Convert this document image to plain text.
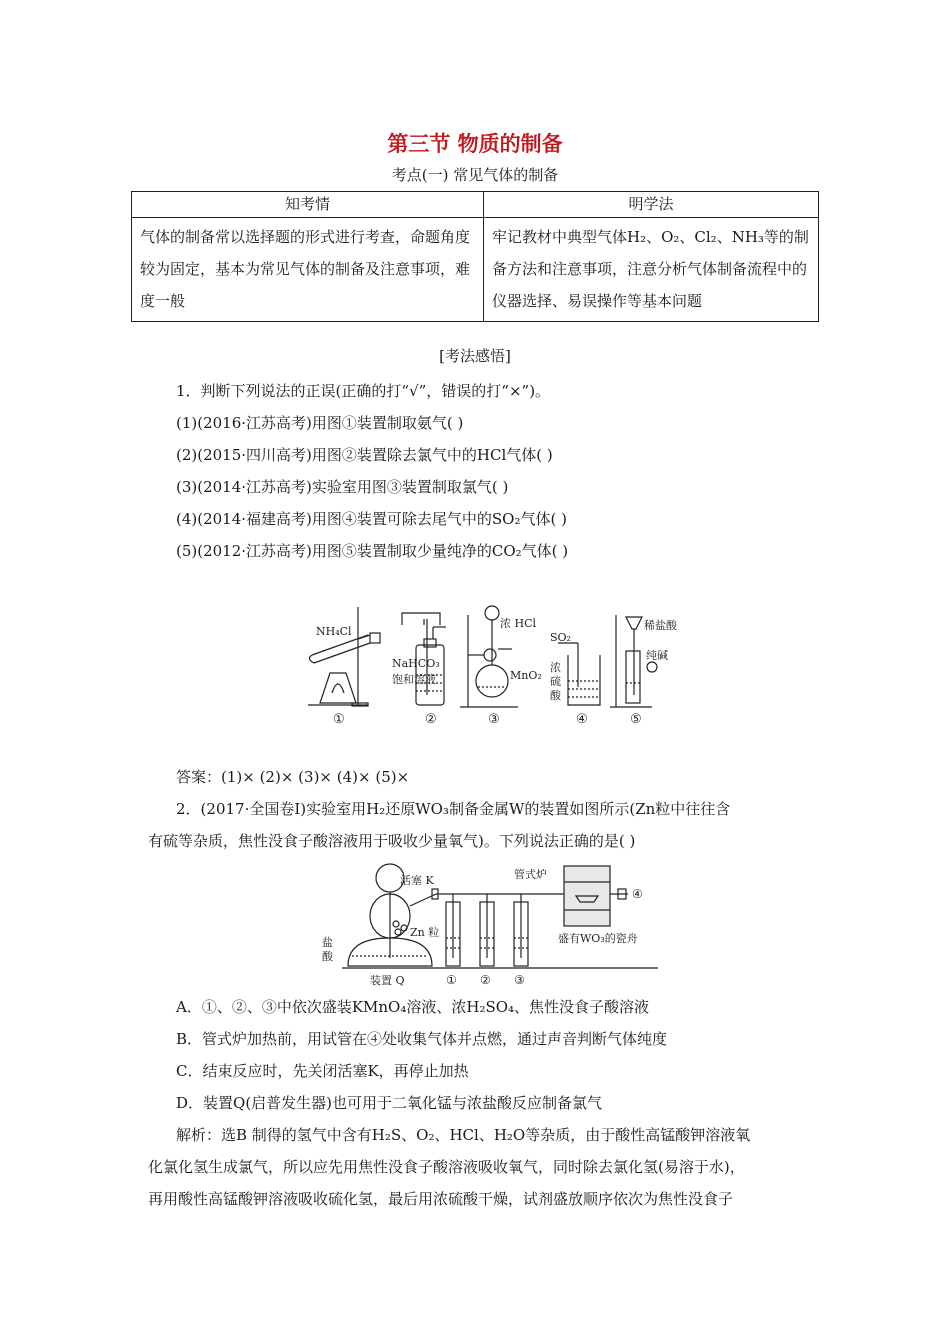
第三节 物质的制备
考点(一) 常见气体的制备
知考情	明学法
气体的制备常以选择题的形式进行考查，命题角度较为固定，基本为常见气体的制备及注意事项，难度一般	牢记教材中典型气体H₂、O₂、Cl₂、NH₃等的制备方法和注意事项，注意分析气体制备流程中的仪器选择、易误操作等基本问题
[考法感悟]
1．判断下列说法的正误(正确的打“√”，错误的打“×”)。
(1)(2016·江苏高考)用图①装置制取氨气( )
(2)(2015·四川高考)用图②装置除去氯气中的HCl气体( )
(3)(2014·江苏高考)实验室用图③装置制取氯气( )
(4)(2014·福建高考)用图④装置可除去尾气中的SO₂气体( )
(5)(2012·江苏高考)用图⑤装置制取少量纯净的CO₂气体( )
NH₄Cl
①
NaHCO₃
饱和溶液
②
浓 HCl
MnO₂
③
SO₂
浓
硫
酸
④
稀盐酸
纯碱
⑤
答案：(1)× (2)× (3)× (4)× (5)×
2．(2017·全国卷Ⅰ)实验室用H₂还原WO₃制备金属W的装置如图所示(Zn粒中往往含
有硫等杂质，焦性没食子酸溶液用于吸收少量氧气)。下列说法正确的是( )
活塞 K
Zn 粒
盐
酸
装置 Q	① ② ③
管式炉
④
盛有WO₃的瓷舟
A．①、②、③中依次盛装KMnO₄溶液、浓H₂SO₄、焦性没食子酸溶液
B．管式炉加热前，用试管在④处收集气体并点燃，通过声音判断气体纯度
C．结束反应时，先关闭活塞K，再停止加热
D．装置Q(启普发生器)也可用于二氧化锰与浓盐酸反应制备氯气
解析：选B 制得的氢气中含有H₂S、O₂、HCl、H₂O等杂质，由于酸性高锰酸钾溶液氧
化氯化氢生成氯气，所以应先用焦性没食子酸溶液吸收氧气，同时除去氯化氢(易溶于水)，
再用酸性高锰酸钾溶液吸收硫化氢，最后用浓硫酸干燥，试剂盛放顺序依次为焦性没食子
